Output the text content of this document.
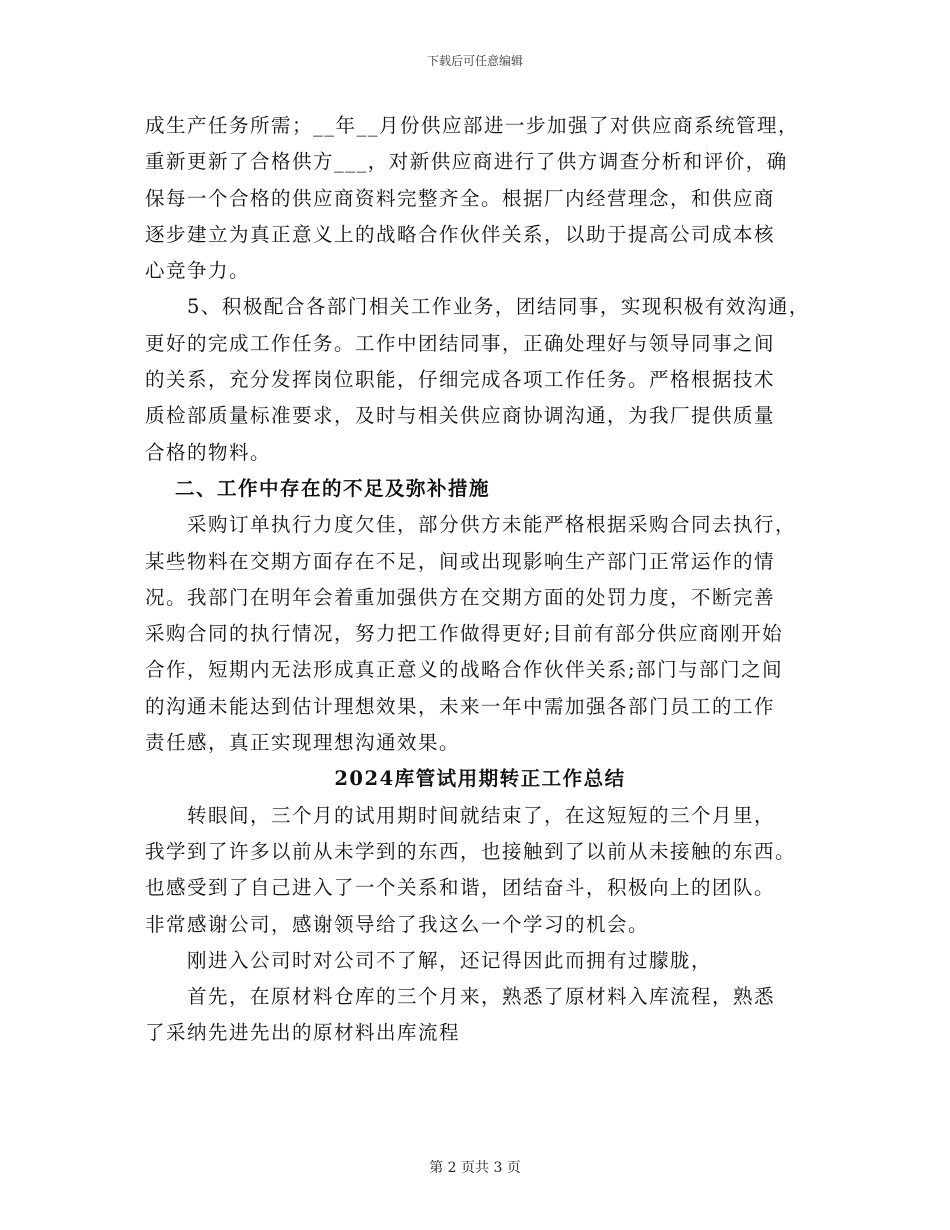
下载后可任意编辑
成生产任务所需；__年__月份供应部进一步加强了对供应商系统管理，
重新更新了合格供方___，对新供应商进行了供方调查分析和评价，确
保每一个合格的供应商资料完整齐全。根据厂内经营理念，和供应商
逐步建立为真正意义上的战略合作伙伴关系，以助于提高公司成本核
心竞争力。
5、积极配合各部门相关工作业务，团结同事，实现积极有效沟通，
更好的完成工作任务。工作中团结同事，正确处理好与领导同事之间
的关系，充分发挥岗位职能，仔细完成各项工作任务。严格根据技术
质检部质量标准要求，及时与相关供应商协调沟通，为我厂提供质量
合格的物料。
二、工作中存在的不足及弥补措施
采购订单执行力度欠佳，部分供方未能严格根据采购合同去执行，
某些物料在交期方面存在不足，间或出现影响生产部门正常运作的情
况。我部门在明年会着重加强供方在交期方面的处罚力度，不断完善
采购合同的执行情况，努力把工作做得更好;目前有部分供应商刚开始
合作，短期内无法形成真正意义的战略合作伙伴关系;部门与部门之间
的沟通未能达到估计理想效果，未来一年中需加强各部门员工的工作
责任感，真正实现理想沟通效果。
2024库管试用期转正工作总结
转眼间，三个月的试用期时间就结束了，在这短短的三个月里，
我学到了许多以前从未学到的东西，也接触到了以前从未接触的东西。
也感受到了自己进入了一个关系和谐，团结奋斗，积极向上的团队。
非常感谢公司，感谢领导给了我这么一个学习的机会。
刚进入公司时对公司不了解，还记得因此而拥有过朦胧，
首先，在原材料仓库的三个月来，熟悉了原材料入库流程，熟悉
了采纳先进先出的原材料出库流程
第 2 页共 3 页
